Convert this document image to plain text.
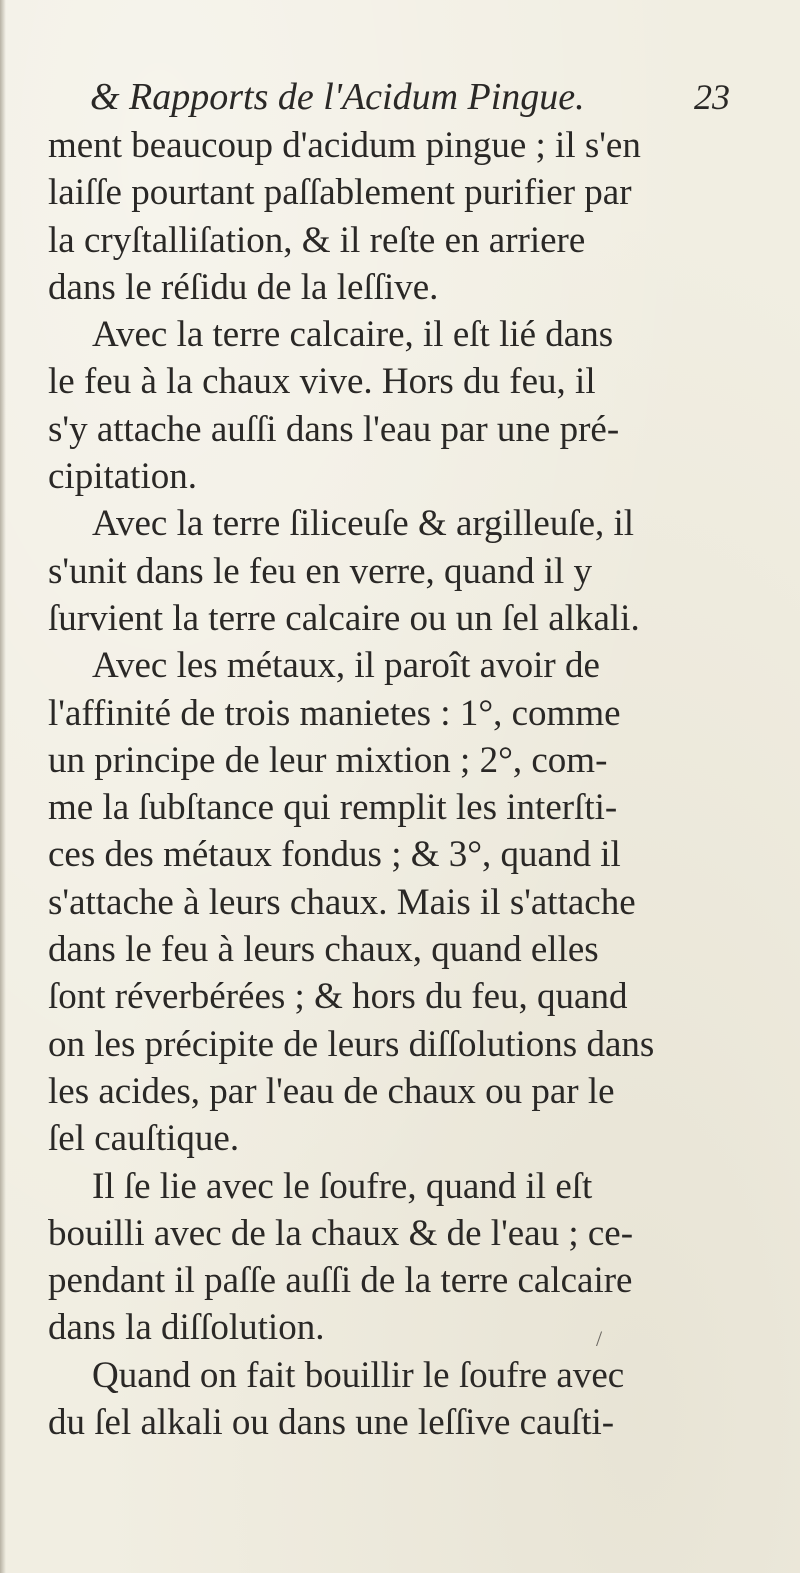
& Rapports de l'Acidum Pingue.	23
ment beaucoup d'acidum pingue ; il s'en
laiſſe pourtant paſſablement purifier par
la cryſtalliſation, & il reſte en arriere
dans le réſidu de la leſſive.
Avec la terre calcaire, il eſt lié dans
le feu à la chaux vive. Hors du feu, il
s'y attache auſſi dans l'eau par une pré-
cipitation.
Avec la terre ſiliceuſe & argilleuſe, il
s'unit dans le feu en verre, quand il y
ſurvient la terre calcaire ou un ſel alkali.
Avec les métaux, il paroît avoir de
l'affinité de trois manietes : 1°, comme
un principe de leur mixtion ; 2°, com-
me la ſubſtance qui remplit les interſti-
ces des métaux fondus ; & 3°, quand il
s'attache à leurs chaux. Mais il s'attache
dans le feu à leurs chaux, quand elles
ſont réverbérées ; & hors du feu, quand
on les précipite de leurs diſſolutions dans
les acides, par l'eau de chaux ou par le
ſel cauſtique.
Il ſe lie avec le ſoufre, quand il eſt
bouilli avec de la chaux & de l'eau ; ce-
pendant il paſſe auſſi de la terre calcaire
dans la diſſolution.
Quand on fait bouillir le ſoufre avec
du ſel alkali ou dans une leſſive cauſti-
/
